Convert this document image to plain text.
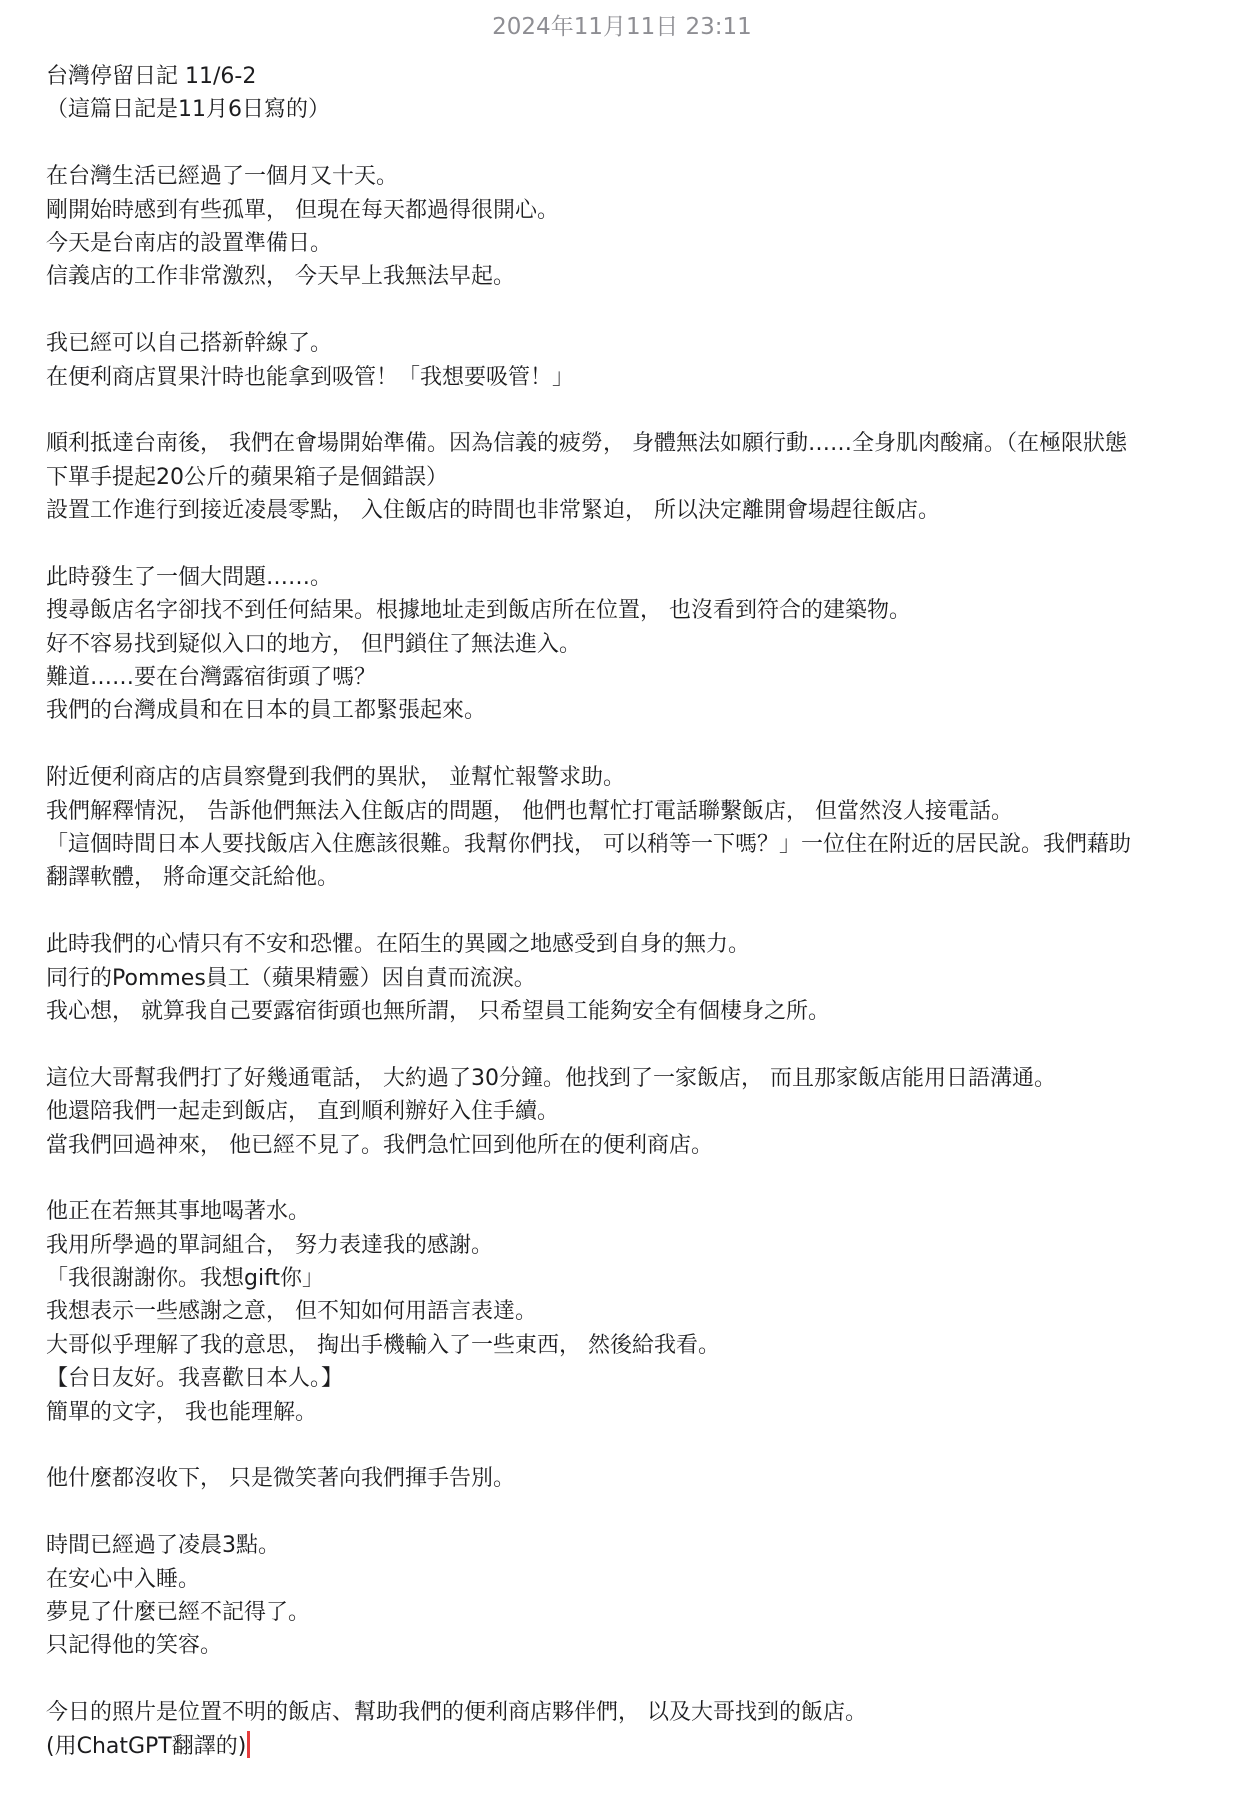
2024年11月11日 23:11
台灣停留日記 11/6-2
（這篇日記是11月6日寫的）
在台灣生活已經過了一個月又十天。
剛開始時感到有些孤單， 但現在每天都過得很開心。
今天是台南店的設置準備日。
信義店的工作非常激烈， 今天早上我無法早起。
我已經可以自己搭新幹線了。
在便利商店買果汁時也能拿到吸管！「我想要吸管！」
順利抵達台南後， 我們在會場開始準備。因為信義的疲勞， 身體無法如願行動……全身肌肉酸痛。（在極限狀態
下單手提起20公斤的蘋果箱子是個錯誤）
設置工作進行到接近凌晨零點， 入住飯店的時間也非常緊迫， 所以決定離開會場趕往飯店。
此時發生了一個大問題……。
搜尋飯店名字卻找不到任何結果。根據地址走到飯店所在位置， 也沒看到符合的建築物。
好不容易找到疑似入口的地方， 但門鎖住了無法進入。
難道……要在台灣露宿街頭了嗎？
我們的台灣成員和在日本的員工都緊張起來。
附近便利商店的店員察覺到我們的異狀， 並幫忙報警求助。
我們解釋情況， 告訴他們無法入住飯店的問題， 他們也幫忙打電話聯繫飯店， 但當然沒人接電話。
「這個時間日本人要找飯店入住應該很難。我幫你們找， 可以稍等一下嗎？」一位住在附近的居民說。我們藉助
翻譯軟體， 將命運交託給他。
此時我們的心情只有不安和恐懼。在陌生的異國之地感受到自身的無力。
同行的Pommes員工（蘋果精靈）因自責而流淚。
我心想， 就算我自己要露宿街頭也無所謂， 只希望員工能夠安全有個棲身之所。
這位大哥幫我們打了好幾通電話， 大約過了30分鐘。他找到了一家飯店， 而且那家飯店能用日語溝通。
他還陪我們一起走到飯店， 直到順利辦好入住手續。
當我們回過神來， 他已經不見了。我們急忙回到他所在的便利商店。
他正在若無其事地喝著水。
我用所學過的單詞組合， 努力表達我的感謝。
「我很謝謝你。我想gift你」
我想表示一些感謝之意， 但不知如何用語言表達。
大哥似乎理解了我的意思， 掏出手機輸入了一些東西， 然後給我看。
【台日友好。我喜歡日本人。】
簡單的文字， 我也能理解。
他什麼都沒收下， 只是微笑著向我們揮手告別。
時間已經過了凌晨3點。
在安心中入睡。
夢見了什麼已經不記得了。
只記得他的笑容。
今日的照片是位置不明的飯店、幫助我們的便利商店夥伴們， 以及大哥找到的飯店。
(用ChatGPT翻譯的)
